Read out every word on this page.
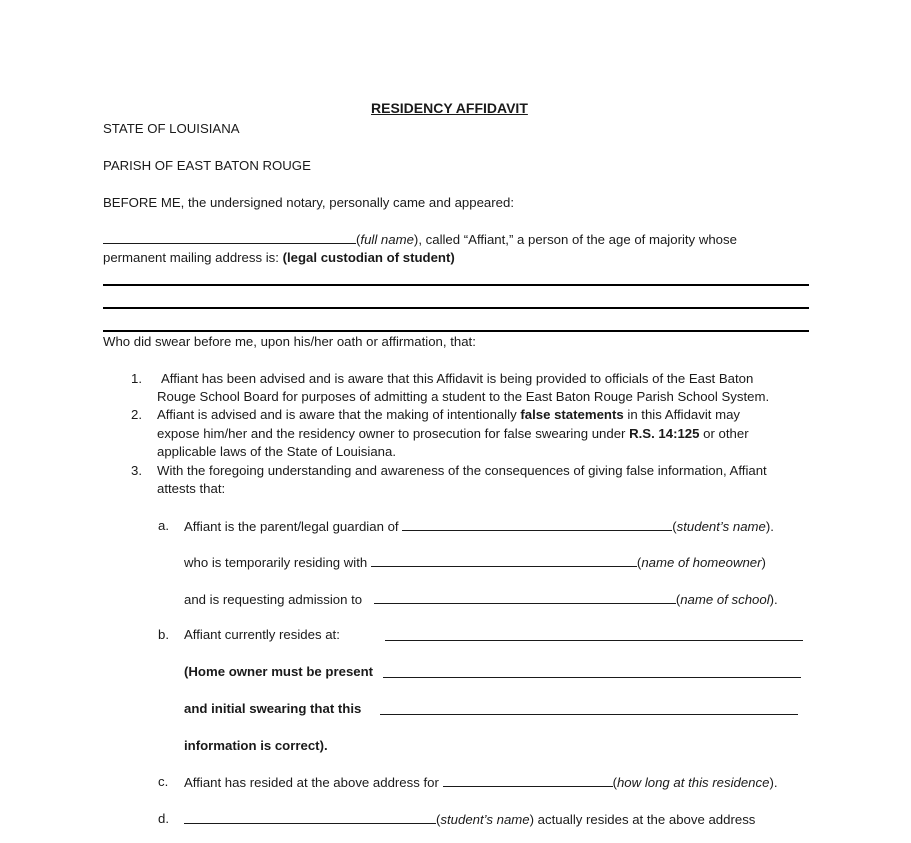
RESIDENCY AFFIDAVIT
STATE OF LOUISIANA
PARISH OF EAST BATON ROUGE
BEFORE ME, the undersigned notary, personally came and appeared:
(full name), called “Affiant,” a person of the age of majority whose
permanent mailing address is: (legal custodian of student)
Who did swear before me, upon his/her oath or affirmation, that:
1. Affiant has been advised and is aware that this Affidavit is being provided to officials of the East Baton
Rouge School Board for purposes of admitting a student to the East Baton Rouge Parish School System.
2. Affiant is advised and is aware that the making of intentionally false statements in this Affidavit may
expose him/her and the residency owner to prosecution for false swearing under R.S. 14:125 or other
applicable laws of the State of Louisiana.
3. With the foregoing understanding and awareness of the consequences of giving false information, Affiant
attests that:
a. Affiant is the parent/legal guardian of	(student’s name).
who is temporarily residing with	(name of homeowner)
and is requesting admission to	(name of school).
b. Affiant currently resides at:
(Home owner must be present
and initial swearing that this
information is correct).
c. Affiant has resided at the above address for	(how long at this residence).
d.	(student’s name) actually resides at the above address
